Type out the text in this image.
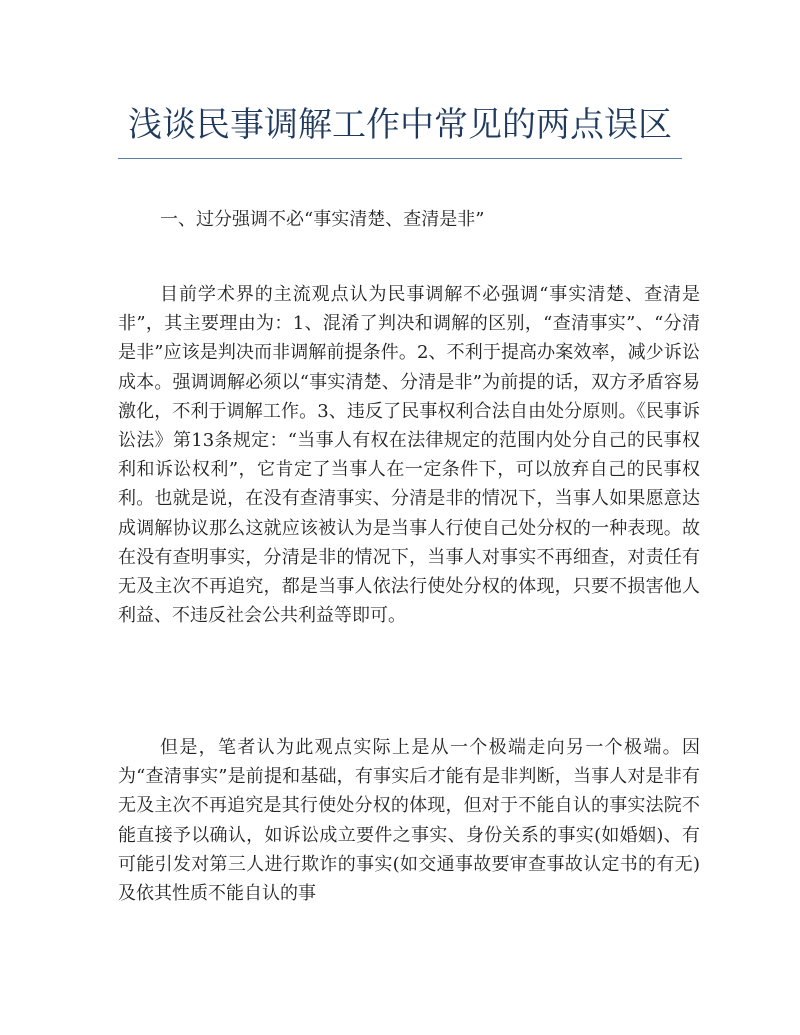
浅谈民事调解工作中常见的两点误区

一、过分强调不必“事实清楚、查清是非”

目前学术界的主流观点认为民事调解不必强调“事实清楚、查清是非”，其主要理由为：1、混淆了判决和调解的区别，“查清事实”、“分清是非”应该是判决而非调解前提条件。2、不利于提高办案效率，减少诉讼成本。强调调解必须以“事实清楚、分清是非”为前提的话，双方矛盾容易激化，不利于调解工作。3、违反了民事权利合法自由处分原则。《民事诉讼法》第13条规定：“当事人有权在法律规定的范围内处分自己的民事权利和诉讼权利”，它肯定了当事人在一定条件下，可以放弃自己的民事权利。也就是说，在没有查清事实、分清是非的情况下，当事人如果愿意达成调解协议那么这就应该被认为是当事人行使自己处分权的一种表现。故在没有查明事实，分清是非的情况下，当事人对事实不再细查，对责任有无及主次不再追究，都是当事人依法行使处分权的体现，只要不损害他人利益、不违反社会公共利益等即可。

但是，笔者认为此观点实际上是从一个极端走向另一个极端。因为“查清事实”是前提和基础，有事实后才能有是非判断，当事人对是非有无及主次不再追究是其行使处分权的体现，但对于不能自认的事实法院不能直接予以确认，如诉讼成立要件之事实、身份关系的事实(如婚姻)、有可能引发对第三人进行欺诈的事实(如交通事故要审查事故认定书的有无)及依其性质不能自认的事
